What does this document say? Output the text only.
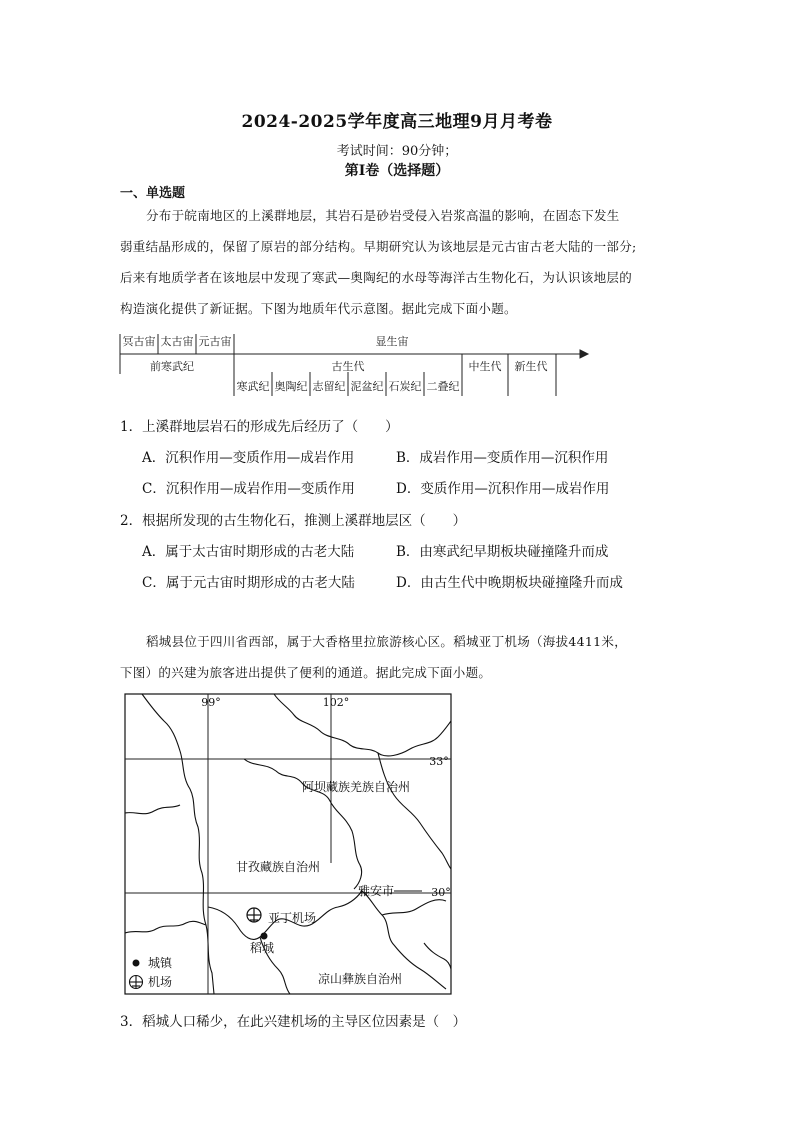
2024-2025学年度高三地理9月月考卷
考试时间：90分钟；
第I卷（选择题）
一、单选题
分布于皖南地区的上溪群地层，其岩石是砂岩受侵入岩浆高温的影响，在固态下发生
弱重结晶形成的，保留了原岩的部分结构。早期研究认为该地层是元古宙古老大陆的一部分;
后来有地质学者在该地层中发现了寒武—奥陶纪的水母等海洋古生物化石，为认识该地层的
构造演化提供了新证据。下图为地质年代示意图。据此完成下面小题。
冥古宙 太古宙 元古宙	显生宙
前寒武纪	古生代	中生代 新生代
寒武纪 奥陶纪 志留纪 泥盆纪 石炭纪 二叠纪
1．上溪群地层岩石的形成先后经历了（　　）
A．沉积作用—变质作用—成岩作用	B．成岩作用—变质作用—沉积作用
C．沉积作用—成岩作用—变质作用	D．变质作用—沉积作用—成岩作用
2．根据所发现的古生物化石，推测上溪群地层区（　　）
A．属于太古宙时期形成的古老大陆	B．由寒武纪早期板块碰撞隆升而成
C．属于元古宙时期形成的古老大陆	D．由古生代中晚期板块碰撞隆升而成
稻城县位于四川省西部，属于大香格里拉旅游核心区。稻城亚丁机场（海拔4411米，
下图）的兴建为旅客进出提供了便利的通道。据此完成下面小题。
99°	102°
33°
30°
阿坝藏族羌族自治州
甘孜藏族自治州
凉山彝族自治州
雅安市
亚丁机场
稻城
城镇
机场
3．稻城人口稀少，在此兴建机场的主导区位因素是（　）
